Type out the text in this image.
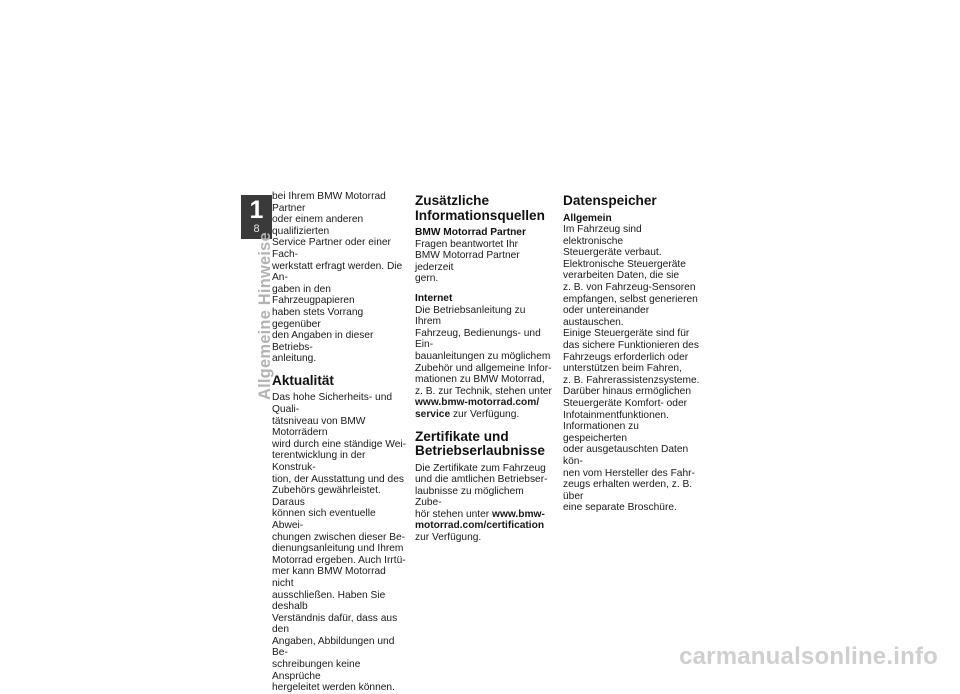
1
8
Allgemeine Hinweise

bei Ihrem BMW Motorrad Partner
oder einem anderen qualifizierten
Service Partner oder einer Fach-
werkstatt erfragt werden. Die An-
gaben in den Fahrzeugpapieren
haben stets Vorrang gegenüber
den Angaben in dieser Betriebs-
anleitung.

Aktualität

Das hohe Sicherheits- und Quali-
tätsniveau von BMW Motorrädern
wird durch eine ständige Wei-
terentwicklung in der Konstruk-
tion, der Ausstattung und des
Zubehörs gewährleistet. Daraus
können sich eventuelle Abwei-
chungen zwischen dieser Be-
dienungsanleitung und Ihrem
Motorrad ergeben. Auch Irrtü-
mer kann BMW Motorrad nicht
ausschließen. Haben Sie deshalb
Verständnis dafür, dass aus den
Angaben, Abbildungen und Be-
schreibungen keine Ansprüche
hergeleitet werden können.

Zusätzliche
Informationsquellen
BMW Motorrad Partner

Fragen beantwortet Ihr
BMW Motorrad Partner jederzeit
gern.

Internet

Die Betriebsanleitung zu Ihrem
Fahrzeug, Bedienungs- und Ein-
bauanleitungen zu möglichem
Zubehör und allgemeine Infor-
mationen zu BMW Motorrad,
z. B. zur Technik, stehen unter
www.bmw-motorrad.com/
service zur Verfügung.

Zertifikate und
Betriebserlaubnisse

Die Zertifikate zum Fahrzeug
und die amtlichen Betriebser-
laubnisse zu möglichem Zube-
hör stehen unter www.bmw-
motorrad.com/certification
zur Verfügung.

Datenspeicher
Allgemein

Im Fahrzeug sind elektronische
Steuergeräte verbaut.
Elektronische Steuergeräte
verarbeiten Daten, die sie
z. B. von Fahrzeug-Sensoren
empfangen, selbst generieren
oder untereinander austauschen.
Einige Steuergeräte sind für
das sichere Funktionieren des
Fahrzeugs erforderlich oder
unterstützen beim Fahren,
z. B. Fahrerassistenzsysteme.
Darüber hinaus ermöglichen
Steuergeräte Komfort- oder
Infotainmentfunktionen.
Informationen zu gespeicherten
oder ausgetauschten Daten kön-
nen vom Hersteller des Fahr-
zeugs erhalten werden, z. B. über
eine separate Broschüre.

carmanualsonline.info
